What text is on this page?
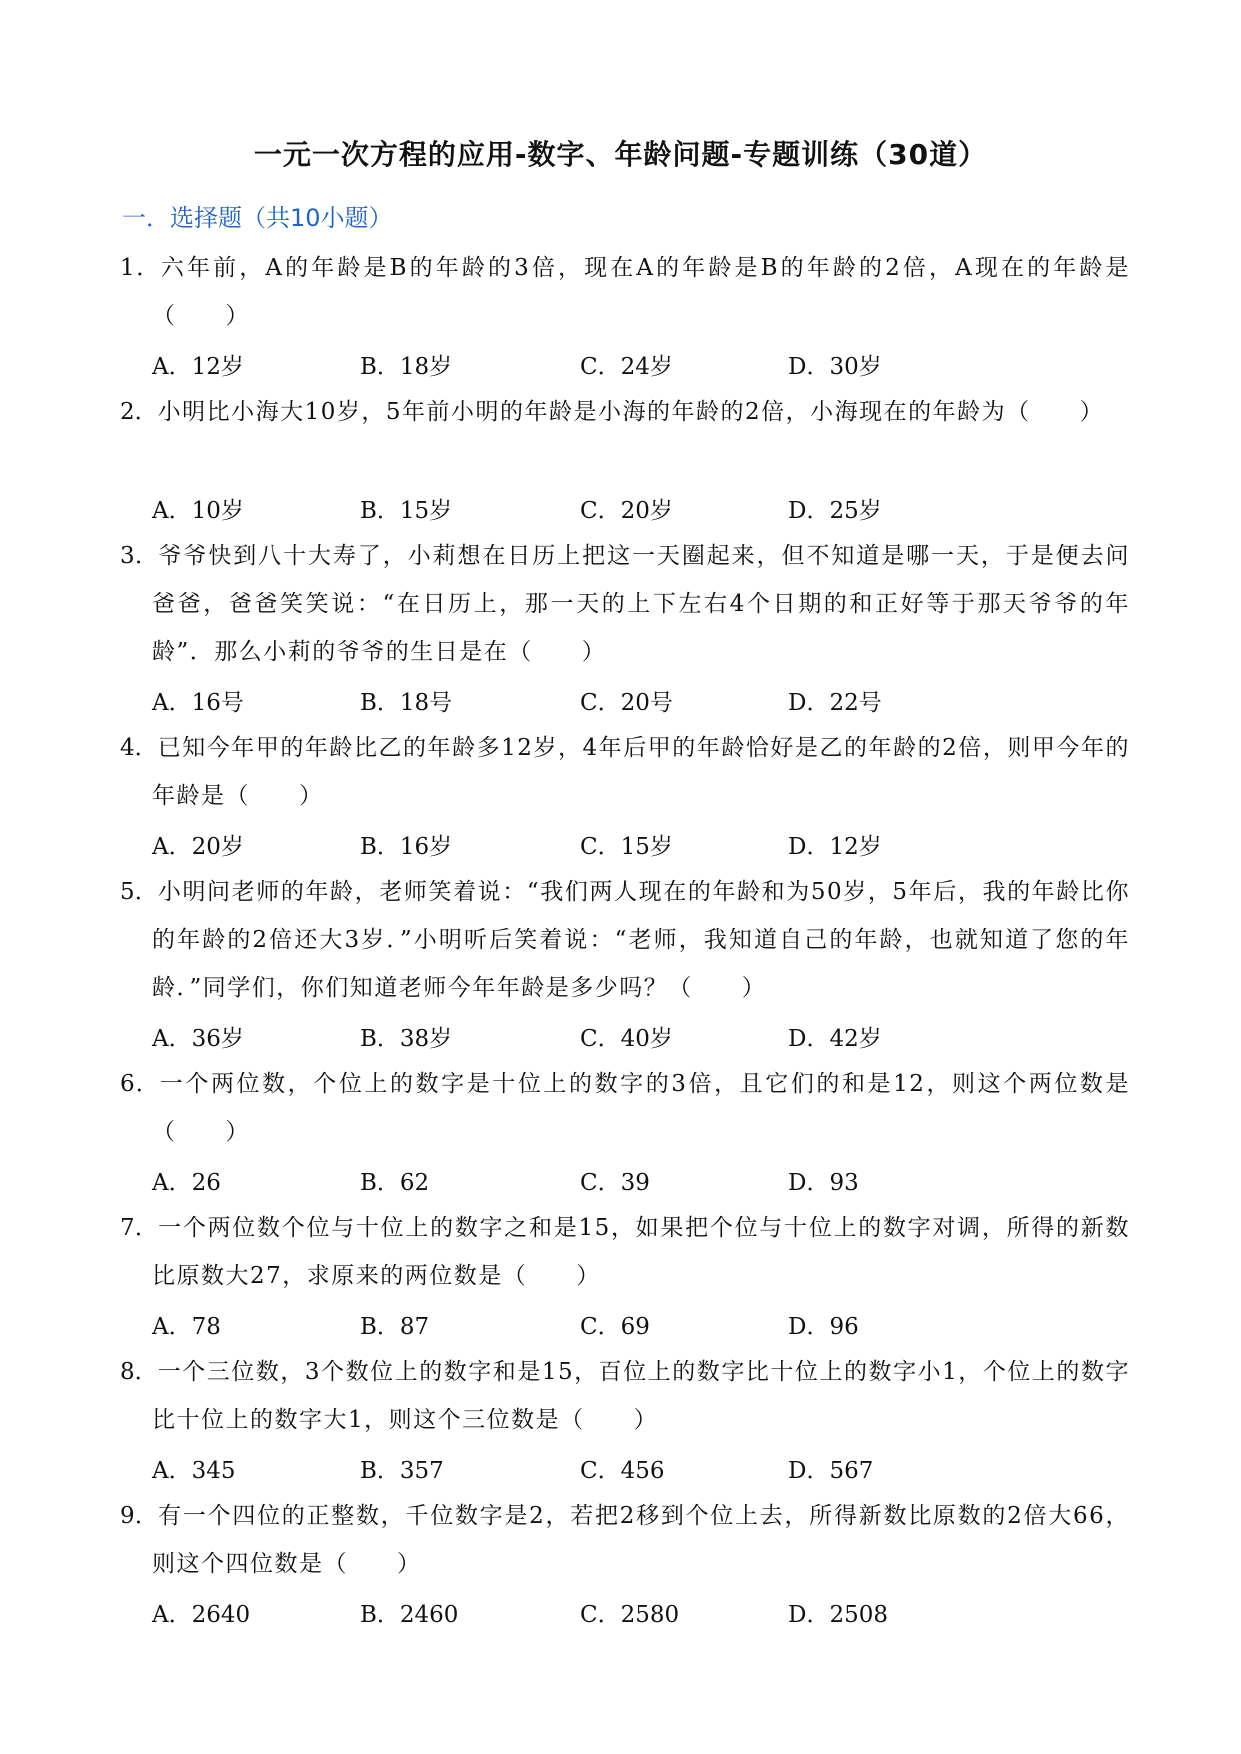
一元一次方程的应用-数字、年龄问题-专题训练（30道）
一．选择题（共10小题）
1．六年前，A的年龄是B的年龄的3倍，现在A的年龄是B的年龄的2倍，A现在的年龄是（　　）
A．12岁	B．18岁	C．24岁	D．30岁
2．小明比小海大10岁，5年前小明的年龄是小海的年龄的2倍，小海现在的年龄为（　　）
A．10岁	B．15岁	C．20岁	D．25岁
3．爷爷快到八十大寿了，小莉想在日历上把这一天圈起来，但不知道是哪一天，于是便去问爸爸，爸爸笑笑说：“在日历上，那一天的上下左右4个日期的和正好等于那天爷爷的年龄”．那么小莉的爷爷的生日是在（　　）
A．16号	B．18号	C．20号	D．22号
4．已知今年甲的年龄比乙的年龄多12岁，4年后甲的年龄恰好是乙的年龄的2倍，则甲今年的年龄是（　　）
A．20岁	B．16岁	C．15岁	D．12岁
5．小明问老师的年龄，老师笑着说：“我们两人现在的年龄和为50岁，5年后，我的年龄比你的年龄的2倍还大3岁．”小明听后笑着说：“老师，我知道自己的年龄，也就知道了您的年龄．”同学们，你们知道老师今年年龄是多少吗？（　　）
A．36岁	B．38岁	C．40岁	D．42岁
6．一个两位数，个位上的数字是十位上的数字的3倍，且它们的和是12，则这个两位数是（　　）
A．26	B．62	C．39	D．93
7．一个两位数个位与十位上的数字之和是15，如果把个位与十位上的数字对调，所得的新数比原数大27，求原来的两位数是（　　）
A．78	B．87	C．69	D．96
8．一个三位数，3个数位上的数字和是15，百位上的数字比十位上的数字小1，个位上的数字比十位上的数字大1，则这个三位数是（　　）
A．345	B．357	C．456	D．567
9．有一个四位的正整数，千位数字是2，若把2移到个位上去，所得新数比原数的2倍大66，则这个四位数是（　　）
A．2640	B．2460	C．2580	D．2508
